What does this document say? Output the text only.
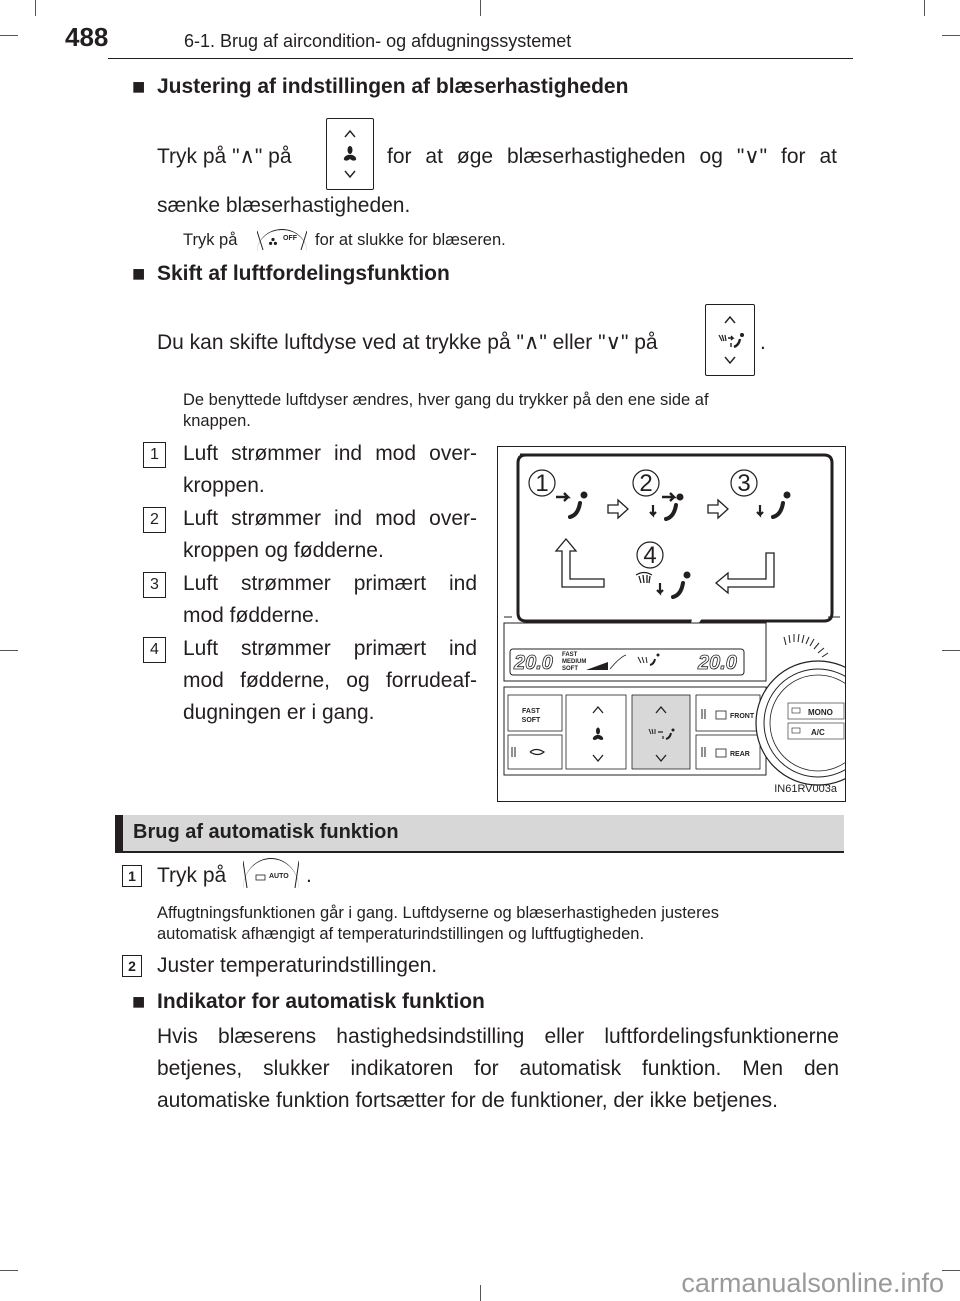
488	6-1. Brug af aircondition- og afdugningssystemet
■ Justering af indstillingen af blæserhastigheden
Tryk på "∧" på	for at øge blæserhastigheden og "∨" for at
sænke blæserhastigheden.
Tryk på	OFF for at slukke for blæseren.
■ Skift af luftfordelingsfunktion
Du kan skifte luftdyse ved at trykke på "∧" eller "∨" på	.
De benyttede luftdyser ændres, hver gang du trykker på den ene side af
knappen.
1	Luft strømmer ind mod over-
kroppen.
2	Luft strømmer ind mod over-
kroppen og fødderne.
3	Luft strømmer primært ind
mod fødderne.
4	Luft strømmer primært ind
mod fødderne, og forrudeaf-
dugningen er i gang.
1	2	3
4
20.0 FAST
MEDIUM
SOFT	20.0
FAST
SOFT
FRONT
REAR
MONO
A/C
IN61RV003a
Brug af automatisk funktion
1 Tryk på	AUTO .
Affugtningsfunktionen går i gang. Luftdyserne og blæserhastigheden justeres
automatisk afhængigt af temperaturindstillingen og luftfugtigheden.
2 Juster temperaturindstillingen.
■ Indikator for automatisk funktion
Hvis blæserens hastighedsindstilling eller luftfordelingsfunktionerne
betjenes, slukker indikatoren for automatisk funktion. Men den
automatiske funktion fortsætter for de funktioner, der ikke betjenes.
carmanualsonline.info
